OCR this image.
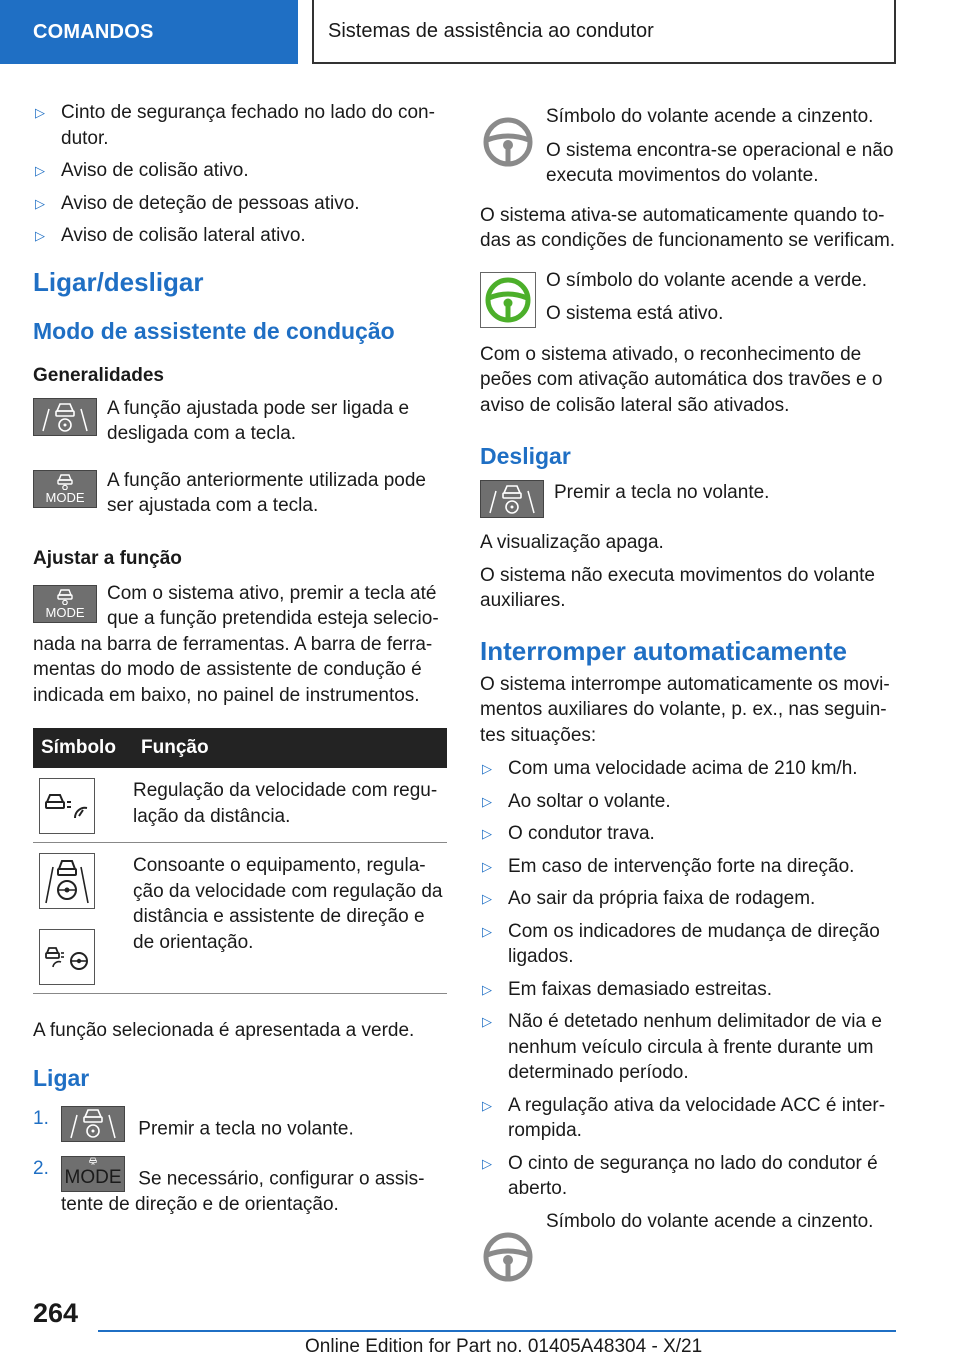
COMANDOS	Sistemas de assistência ao condutor
▷ Cinto de segurança fechado no lado do con-dutor.
▷ Aviso de colisão ativo.
▷ Aviso de deteção de pessoas ativo.
▷ Aviso de colisão lateral ativo.
Ligar/desligar
Modo de assistente de condução
Generalidades

A função ajustada pode ser ligada e desligada com a tecla.

MODE

A função anteriormente utilizada pode ser ajustada com a tecla.

Ajustar a função
MODE

Com o sistema ativo, premir a tecla até que a função pretendida esteja selecio-

nada na barra de ferramentas. A barra de ferra-mentas do modo de assistente de condução é indicada em baixo, no painel de instrumentos.

Símbolo	Função

	Regulação da velocidade com regu-lação da distância.

	Consoante o equipamento, regula-ção da velocidade com regulação da distância e assistente de direção e de orientação.

A função selecionada é apresentada a verde.

Ligar
1.	Premir a tecla no volante.
2. MODE Se necessário, configurar o assis-tente de direção e de orientação.

Símbolo do volante acende a cinzento.

O sistema encontra-se operacional e não executa movimentos do volante.

O sistema ativa-se automaticamente quando to-das as condições de funcionamento se verificam.

O símbolo do volante acende a verde.

O sistema está ativo.

Com o sistema ativado, o reconhecimento de peões com ativação automática dos travões e o aviso de colisão lateral são ativados.

Desligar

Premir a tecla no volante.

A visualização apaga.

O sistema não executa movimentos do volante auxiliares.

Interromper automaticamente

O sistema interrompe automaticamente os movi-mentos auxiliares do volante, p. ex., nas seguin-tes situações:

▷ Com uma velocidade acima de 210 km/h.
▷ Ao soltar o volante.
▷ O condutor trava.
▷ Em caso de intervenção forte na direção.
▷ Ao sair da própria faixa de rodagem.
▷ Com os indicadores de mudança de direção ligados.
▷ Em faixas demasiado estreitas.
▷ Não é detetado nenhum delimitador de via e nenhum veículo circula à frente durante um determinado período.
▷ A regulação ativa da velocidade ACC é inter-rompida.
▷ O cinto de segurança no lado do condutor é aberto.

Símbolo do volante acende a cinzento.

264
Online Edition for Part no. 01405A48304 - X/21
